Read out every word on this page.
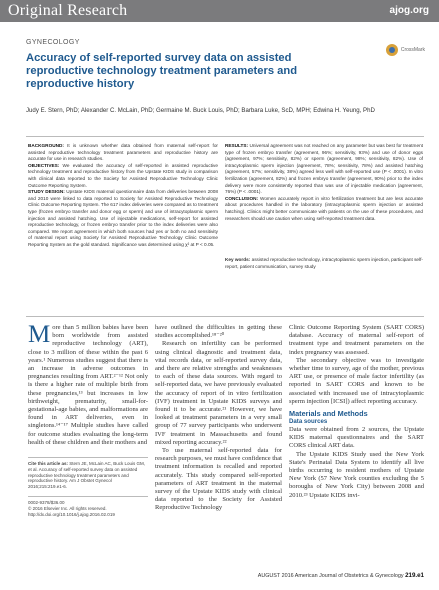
Original Research	ajog.org
GYNECOLOGY
CrossMark
Accuracy of self-reported survey data on assisted reproductive technology treatment parameters and reproductive history
Judy E. Stern, PhD; Alexander C. McLain, PhD; Germaine M. Buck Louis, PhD; Barbara Luke, ScD, MPH; Edwina H. Yeung, PhD

BACKGROUND: It is unknown whether data obtained from maternal self-report for assisted reproductive technology treatment parameters and reproductive history are accurate for use in research studies.

OBJECTIVES: We evaluated the accuracy of self-reported in assisted reproductive technology treatment and reproductive history from the Upstate KIDS study in comparison with clinical data reported to the Society for Assisted Reproductive Technology Clinic Outcome Reporting System.

STUDY DESIGN: Upstate KIDS maternal questionnaire data from deliveries between 2008 and 2010 were linked to data reported to Society for Assisted Reproductive Technology Clinic Outcome Reporting System. The 617 index deliveries were compared as to treatment type (frozen embryo transfer and donor egg or sperm) and use of intracytoplasmic sperm injection and assisted hatching. Use of injectable medications, self-report for assisted reproductive technology, or frozen embryo transfer prior to the index deliveries were also compared. We report agreement in which both sources had yes or both no and sensitivity of maternal report using Society for Assisted Reproductive Technology Clinic Outcome Reporting System as the gold standard. Significance was determined using χ² at P < 0.05.

RESULTS: Universal agreement was not reached on any parameter but was best for treatment type of frozen embryo transfer (agreement, 96%; sensitivity, 93%) and use of donor eggs (agreement, 97%; sensitivity, 82%) or sperm (agreement, 98%; sensitivity, 82%). Use of intracytoplasmic sperm injection (agreement, 78%; sensitivity, 78%) and assisted hatching (agreement, 57%; sensitivity, 38%) agreed less well with self-reported use (P < .0001). In vitro fertilization (agreement, 82%) and frozen embryo transfer (agreement, 90%) prior to the index delivery were more consistently reported than was use of injectable medication (agreement, 76%) (P < .0001).

CONCLUSION: Women accurately report in vitro fertilization treatment but are less accurate about procedures handled in the laboratory (intracytoplasmic sperm injection or assisted hatching). Clinics might better communicate with patients on the use of these procedures, and researchers should use caution when using self-reported treatment data.

Key words: assisted reproductive technology, intracytoplasmic sperm injection, participant self-report, patient communication, survey study

More than 5 million babies have been born worldwide from assisted reproductive technology (ART), close to 3 million of these within the past 6 years.¹ Numerous studies suggest that there is an increase in adverse outcomes in pregnancies resulting from ART.²⁻¹² Not only is there a higher rate of multiple birth from these pregnancies,¹³ but increases in low birthweight, prematurity, small-for-gestational-age babies, and malformations are found in ART deliveries, even in singletons.¹⁴⁻¹⁷ Multiple studies have called for outcome studies evaluating the long-term health of these children and their mothers and

Cite this article as: Stern JE, McLain AC, Buck Louis GM, et al. Accuracy of self-reported survey data on assisted reproductive technology treatment parameters and reproductive history. Am J Obstet Gynecol 2016;215:219.e1-6.
0002-9378/$36.00
© 2016 Elsevier Inc. All rights reserved.
http://dx.doi.org/10.1016/j.ajog.2016.02.019

have outlined the difficulties in getting these studies accomplished.¹⁸⁻²⁰

Research on infertility can be performed using clinical diagnostic and treatment data, vital records data, or self-reported survey data, and there are relative strengths and weaknesses to each of these data sources. With regard to self-reported data, we have previously evaluated the accuracy of report of in vitro fertilization (IVF) treatment in Upstate KIDS surveys and found it to be accurate.²¹ However, we have looked at treatment parameters in a very small group of 77 survey participants who underwent IVF treatment in Massachusetts and found mixed reporting accuracy.²²

To use maternal self-reported data for research purposes, we must have confidence that treatment information is recalled and reported accurately. This study compared self-reported parameters of ART treatment in the maternal survey of the Upstate KIDS study with clinical data reported to the Society for Assisted Reproductive Technology

Clinic Outcome Reporting System (SART CORS) database. Accuracy of maternal self-report of treatment type and treatment parameters on the index pregnancy was assessed.

The secondary objective was to investigate whether time to survey, age of the mother, previous ART use, or presence of male factor infertility (as reported in SART CORS and known to be associated with increased use of intracytoplasmic sperm injection [ICSI]) affect reporting accuracy.

Materials and Methods
Data sources

Data were obtained from 2 sources, the Upstate KIDS maternal questionnaires and the SART CORS clinical ART data.

The Upstate KIDS Study used the New York State's Perinatal Data System to identify all live births occurring to resident mothers of Upstate New York (57 New York counties excluding the 5 boroughs of New York City) between 2008 and 2010.²³ Upstate KIDS invi-

AUGUST 2016 American Journal of Obstetrics & Gynecology 219.e1
